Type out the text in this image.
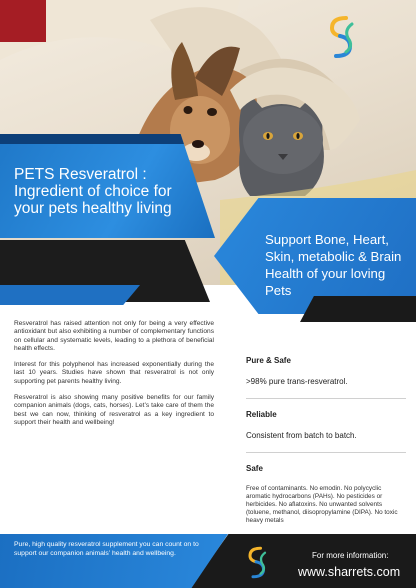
PETS Resveratrol : Ingredient of choice for your pets healthy living
Support Bone, Heart, Skin, metabolic & Brain Health of your loving Pets

Resveratrol has raised attention not only for being a very effective antioxidant but also exhibiting a number of complementary functions on cellular and systematic levels, leading to a plethora of beneficial health effects.

Interest for this polyphenol has increased exponentially during the last 10 years. Studies have shown that resveratrol is not only supporting pet parents healthy living.

Resveratrol is also showing many positive benefits for our family companion animals (dogs, cats, horses). Let’s take care of them the best we can now, thinking of resveratrol as a key ingredient to support their health and wellbeing!

Pure & Safe
>98% pure trans-resveratrol.
Reliable
Consistent from batch to batch.
Safe
Free of contaminants. No emodin. No polycyclic aromatic hydrocarbons (PAHs). No pesticides or herbicides. No aflatoxins. No unwanted solvents (toluene, methanol, diisopropylamine (DIPA). No toxic heavy metals
Pure, high quality resveratrol supplement you can count on to support our companion animals’ health and wellbeing.	For more information:
www.sharrets.com
